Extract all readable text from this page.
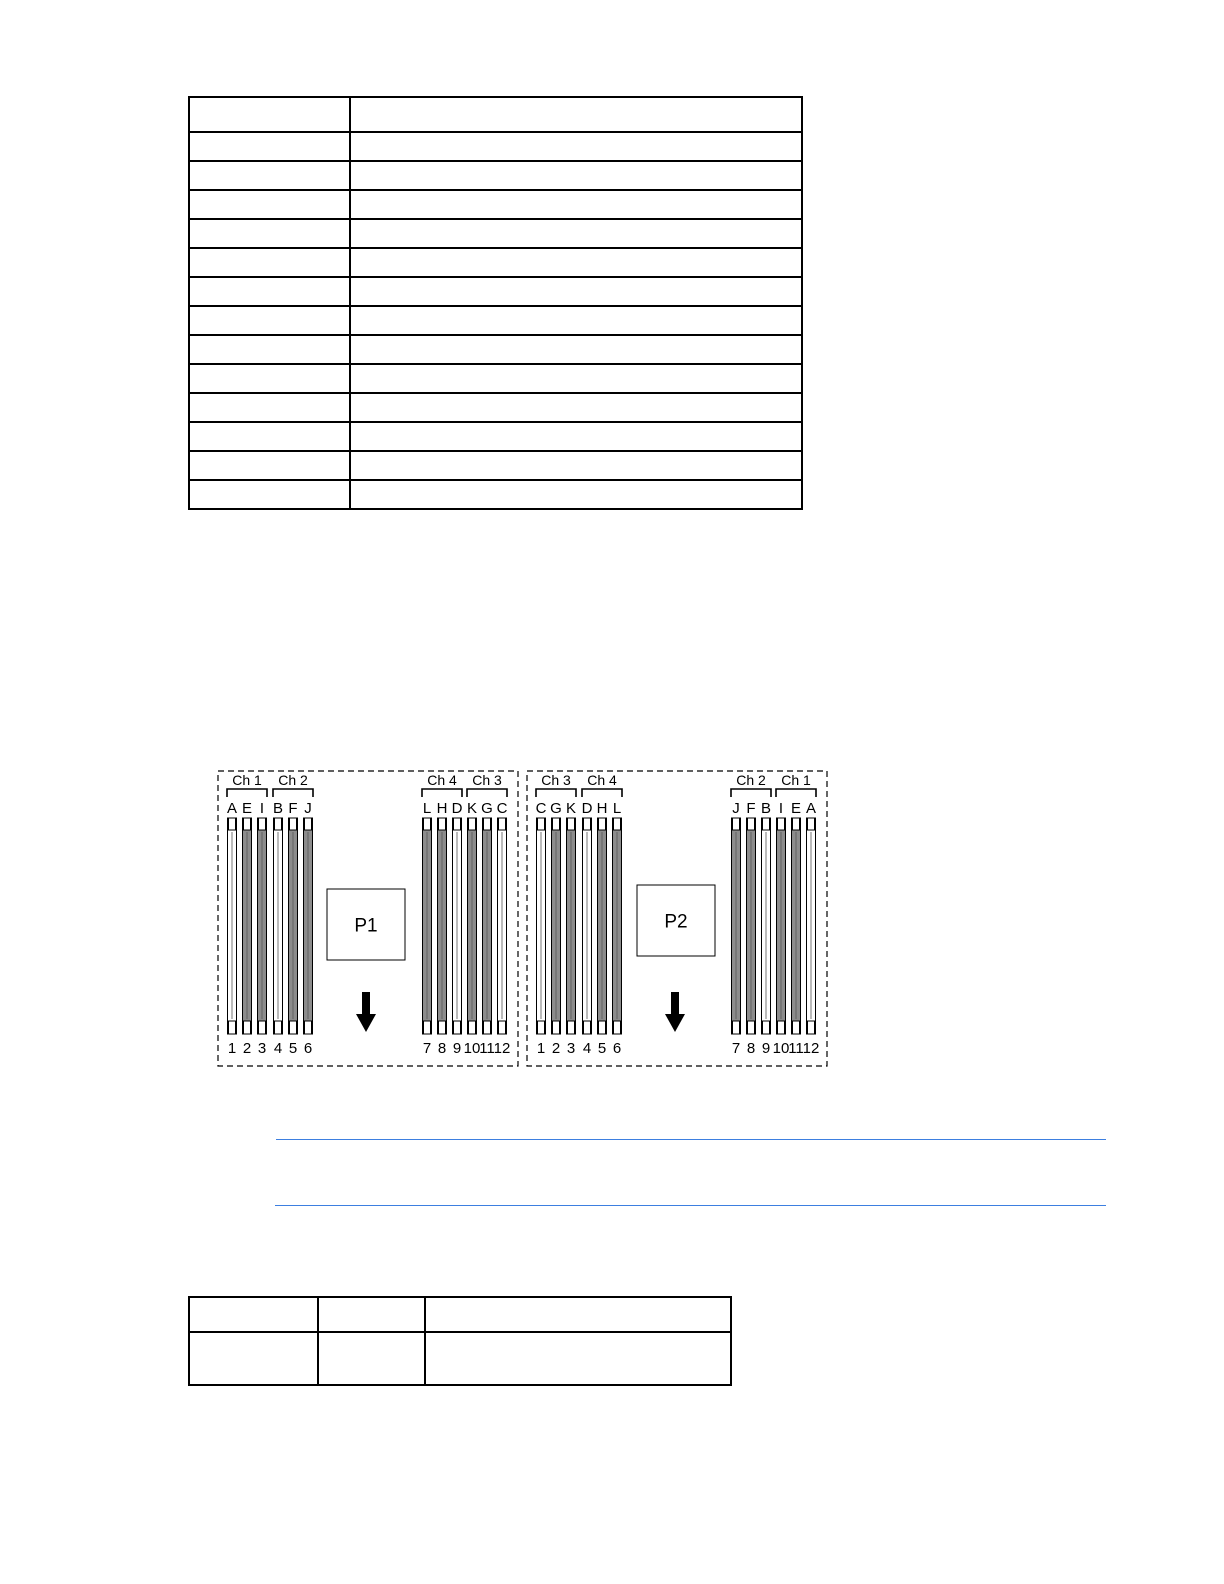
A
1
E
2
I
3
B
4
F
5
J
6
L
7
H
8
D
9
K
10
G
11
C
12
Ch 1 Ch 2	Ch 4 Ch 3
P1
C
1
G
2
K
3
D
4
H
5
L
6
J
7
F
8
B
9
I
10
E
11
A
12
Ch 3 Ch 4	Ch 2 Ch 1
P2
